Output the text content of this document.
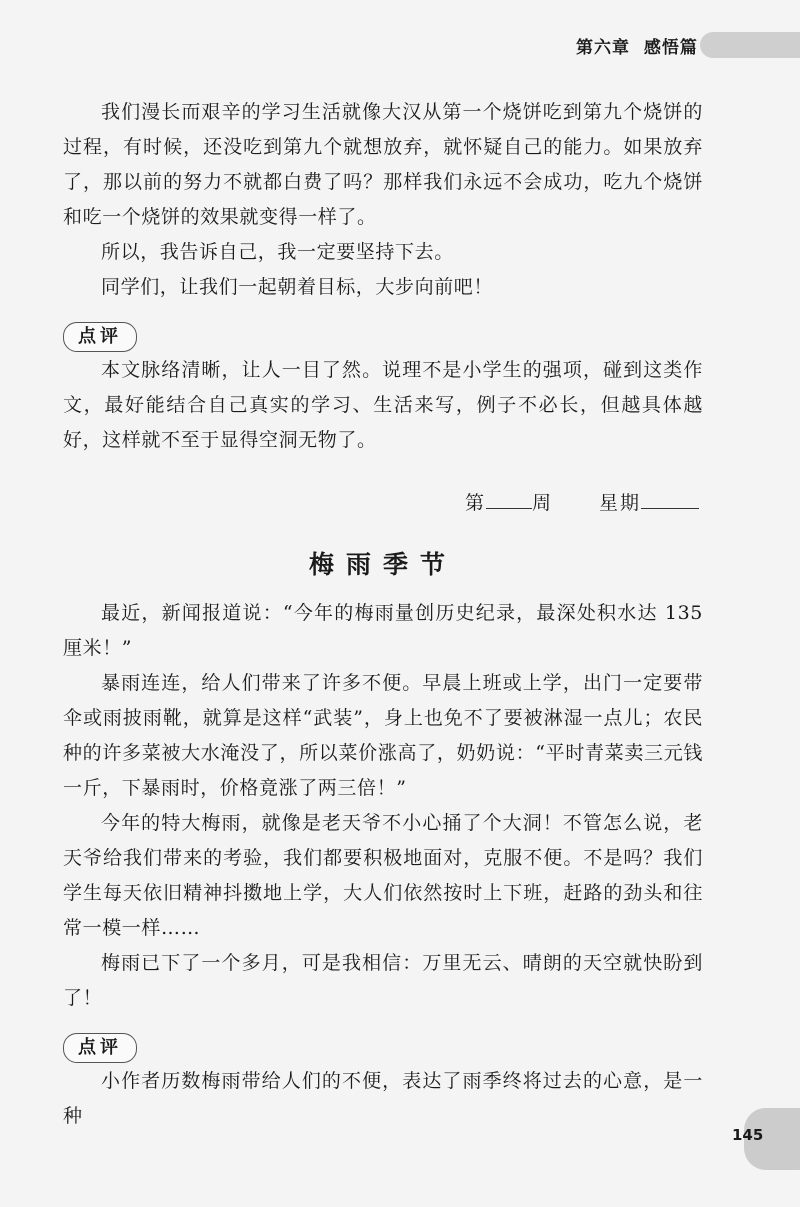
第六章 感悟篇

我们漫长而艰辛的学习生活就像大汉从第一个烧饼吃到第九个烧饼的过程，有时候，还没吃到第九个就想放弃，就怀疑自己的能力。如果放弃了，那以前的努力不就都白费了吗？那样我们永远不会成功，吃九个烧饼和吃一个烧饼的效果就变得一样了。

所以，我告诉自己，我一定要坚持下去。

同学们，让我们一起朝着目标，大步向前吧！

点评

本文脉络清晰，让人一目了然。说理不是小学生的强项，碰到这类作文，最好能结合自己真实的学习、生活来写，例子不必长，但越具体越好，这样就不至于显得空洞无物了。

第 周 星期
梅雨季节

最近，新闻报道说：“今年的梅雨量创历史纪录，最深处积水达 135 厘米！”

暴雨连连，给人们带来了许多不便。早晨上班或上学，出门一定要带伞或雨披雨靴，就算是这样“武装”，身上也免不了要被淋湿一点儿；农民种的许多菜被大水淹没了，所以菜价涨高了，奶奶说：“平时青菜卖三元钱一斤，下暴雨时，价格竟涨了两三倍！”

今年的特大梅雨，就像是老天爷不小心捅了个大洞！不管怎么说，老天爷给我们带来的考验，我们都要积极地面对，克服不便。不是吗？我们学生每天依旧精神抖擞地上学，大人们依然按时上下班，赶路的劲头和往常一模一样……

梅雨已下了一个多月，可是我相信：万里无云、晴朗的天空就快盼到了！

点评

小作者历数梅雨带给人们的不便，表达了雨季终将过去的心意，是一种

145
